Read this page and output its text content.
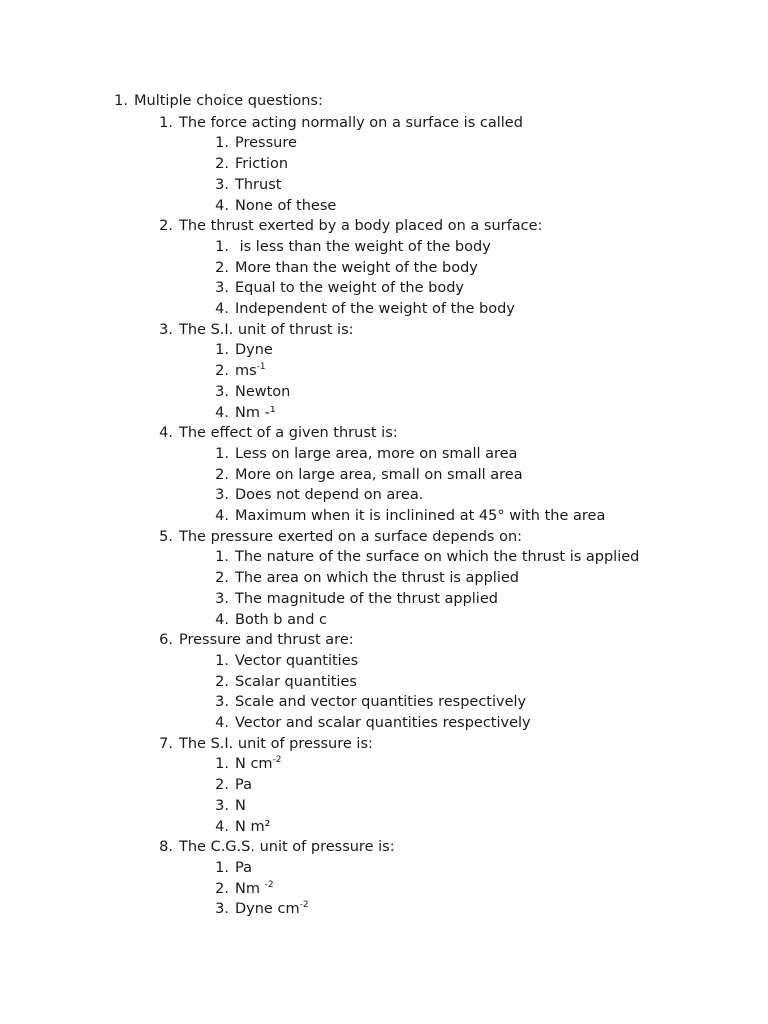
1. Multiple choice questions:
1. The force acting normally on a surface is called
1. Pressure
2. Friction
3. Thrust
4. None of these
2. The thrust exerted by a body placed on a surface:
1. is less than the weight of the body
2. More than the weight of the body
3. Equal to the weight of the body
4. Independent of the weight of the body
3. The S.I. unit of thrust is:
1. Dyne
2. $ms^{-1}$
3. Newton
4. Nm -¹
4. The effect of a given thrust is:
1. Less on large area, more on small area
2. More on large area, small on small area
3. Does not depend on area.
4. Maximum when it is inclinined at 45° with the area
5. The pressure exerted on a surface depends on:
1. The nature of the surface on which the thrust is applied
2. The area on which the thrust is applied
3. The magnitude of the thrust applied
4. Both b and c
6. Pressure and thrust are:
1. Vector quantities
2. Scalar quantities
3. Scale and vector quantities respectively
4. Vector and scalar quantities respectively
7. The S.I. unit of pressure is:
1. N $cm^{-2}$
2. Pa
3. N
4. N m²
8. The C.G.S. unit of pressure is:
1. Pa
2. Nm $^{-2}$
3. Dyne $cm^{-2}$
